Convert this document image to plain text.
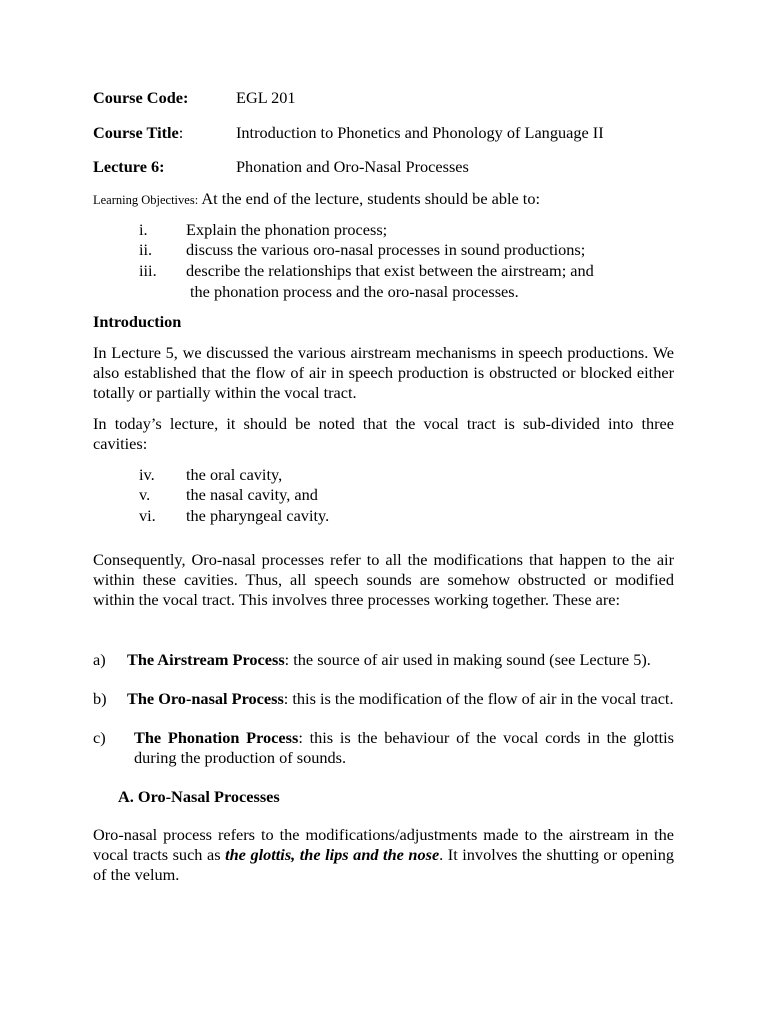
Course Code:	EGL 201
Course Title:	Introduction to Phonetics and Phonology of Language II
Lecture 6:	Phonation and Oro-Nasal Processes
Learning Objectives: At the end of the lecture, students should be able to:
i. Explain the phonation process;
ii. discuss the various oro-nasal processes in sound productions;
iii. describe the relationships that exist between the airstream; and
the phonation process and the oro-nasal processes.
Introduction
In Lecture 5, we discussed the various airstream mechanisms in speech productions. We also established that the flow of air in speech production is obstructed or blocked either totally or partially within the vocal tract.
In today’s lecture, it should be noted that the vocal tract is sub-divided into three cavities:
iv. the oral cavity,
v. the nasal cavity, and
vi. the pharyngeal cavity.
Consequently, Oro-nasal processes refer to all the modifications that happen to the air within these cavities. Thus, all speech sounds are somehow obstructed or modified within the vocal tract. This involves three processes working together. These are:
a) The Airstream Process: the source of air used in making sound (see Lecture 5).
b) The Oro-nasal Process: this is the modification of the flow of air in the vocal tract.
c) The Phonation Process: this is the behaviour of the vocal cords in the glottis during the production of sounds.
A. Oro-Nasal Processes
Oro-nasal process refers to the modifications/adjustments made to the airstream in the vocal tracts such as the glottis, the lips and the nose. It involves the shutting or opening of the velum.
